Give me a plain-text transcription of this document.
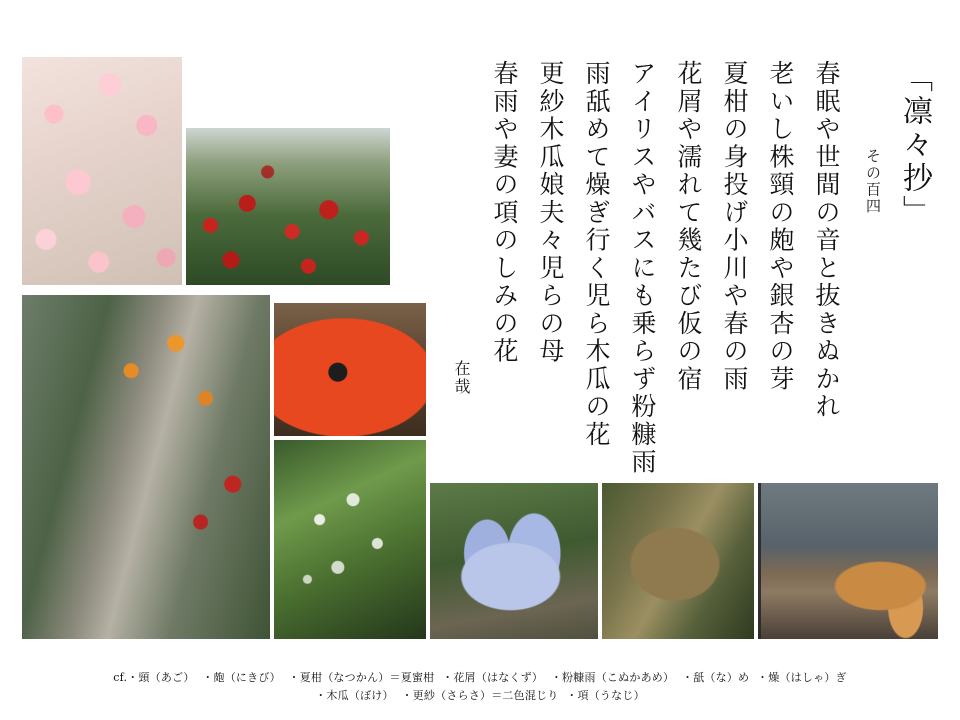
「凛々抄」
その百四
春眠や世間の音と抜きぬかれ
老いし株頸の皰や銀杏の芽
夏柑の身投げ小川や春の雨
花屑や濡れて幾たび仮の宿
アイリスやバスにも乗らず粉糠雨
雨舐めて燥ぎ行く児ら木瓜の花
更紗木瓜娘夫々児らの母
春雨や妻の項のしみの花
在哉
cf.・頸（あご） ・皰（にきび） ・夏柑（なつかん）＝夏蜜柑 ・花屑（はなくず） ・粉糠雨（こぬかあめ） ・舐（な）め ・燥（はしゃ）ぎ
・木瓜（ぼけ） ・更紗（さらさ）＝二色混じり ・項（うなじ）
